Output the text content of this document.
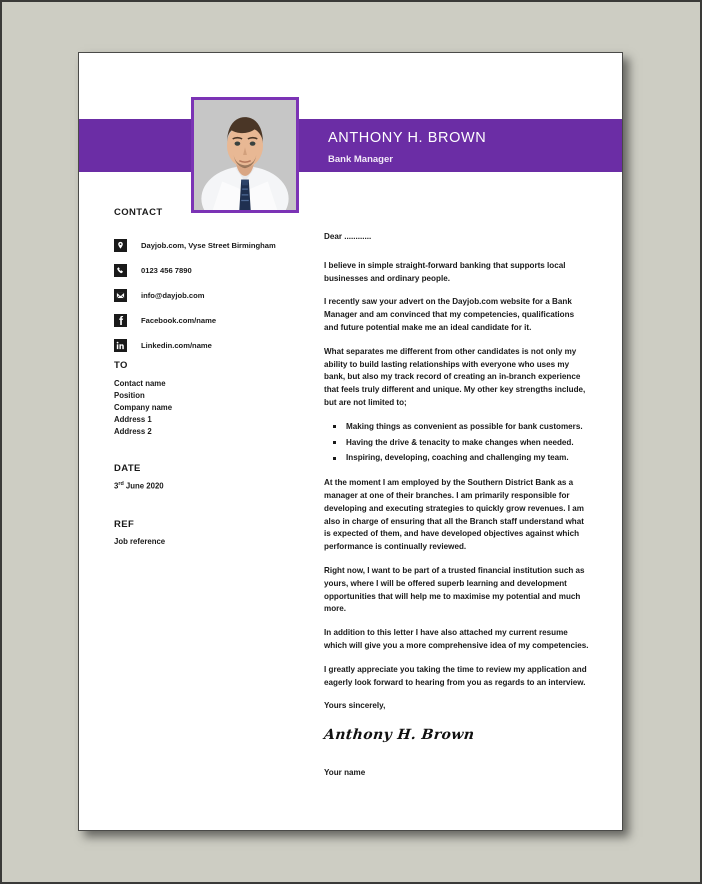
ANTHONY H. BROWN
Bank Manager
CONTACT
Dayjob.com, Vyse Street Birmingham
0123 456 7890
info@dayjob.com
Facebook.com/name
Linkedin.com/name
TO
Contact name
Position
Company name
Address 1
Address 2
DATE
3rd June 2020
REF
Job reference

Dear ............

I believe in simple straight-forward banking that supports local businesses and ordinary people.

I recently saw your advert on the Dayjob.com website for a Bank Manager and am convinced that my competencies, qualifications and future potential make me an ideal candidate for it.

What separates me different from other candidates is not only my ability to build lasting relationships with everyone who uses my bank, but also my track record of creating an in-branch experience that feels truly different and unique. My other key strengths include, but are not limited to;

Making things as convenient as possible for bank customers.
Having the drive & tenacity to make changes when needed.
Inspiring, developing, coaching and challenging my team.

At the moment I am employed by the Southern District Bank as a manager at one of their branches. I am primarily responsible for developing and executing strategies to quickly grow revenues. I am also in charge of ensuring that all the Branch staff understand what is expected of them, and have developed objectives against which performance is continually reviewed.

Right now, I want to be part of a trusted financial institution such as yours, where I will be offered superb learning and development opportunities that will help me to maximise my potential and much more.

In addition to this letter I have also attached my current resume which will give you a more comprehensive idea of my competencies.

I greatly appreciate you taking the time to review my application and eagerly look forward to hearing from you as regards to an interview.

Yours sincerely,

Anthony H. Brown

Your name
